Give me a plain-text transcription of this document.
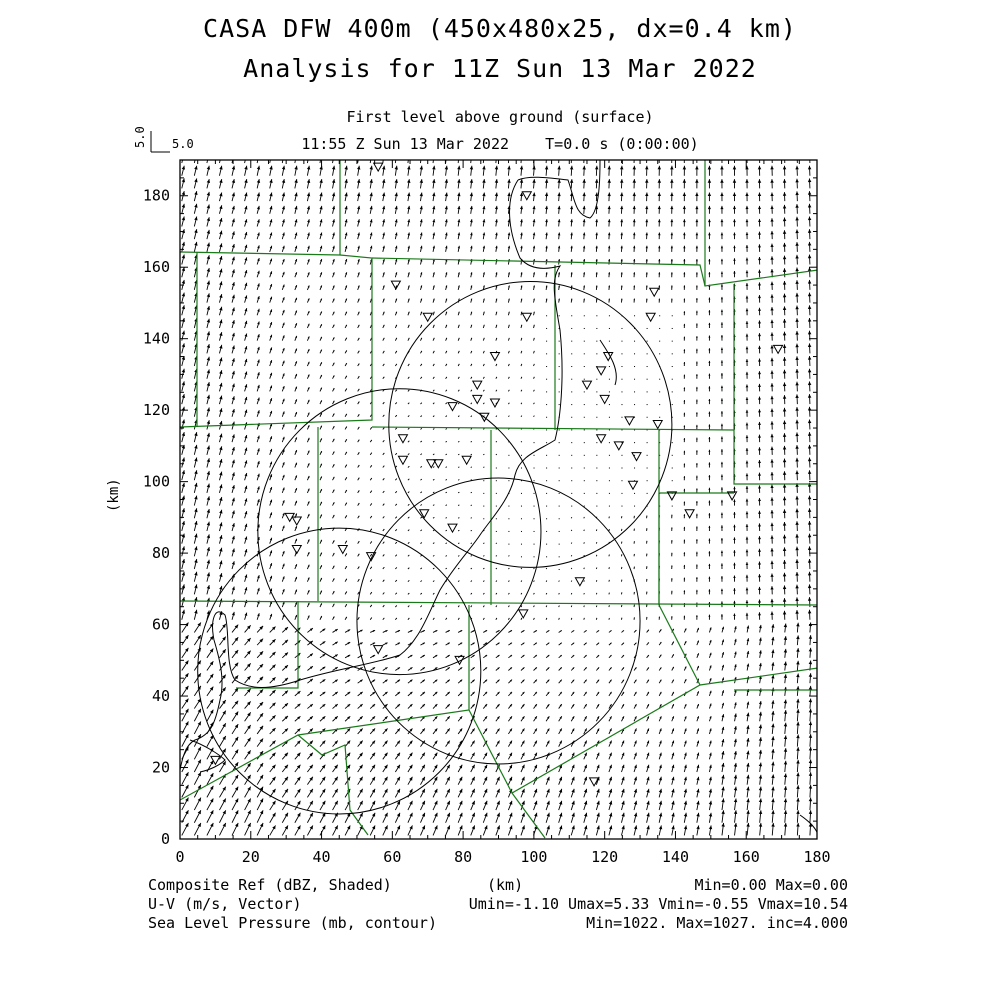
CASA DFW 400m (450x480x25, dx=0.4 km)
Analysis for 11Z Sun 13 Mar 2022
First level above ground (surface)
11:55 Z Sun 13 Mar 2022    T=0.0 s (0:00:00)
5.0 5.0
0	20	40	60	80	100	120	140	160	180
0
20
40
60
80
100
120
140
160
180
(km)
Composite Ref (dBZ, Shaded)
U-V (m/s, Vector)
Sea Level Pressure (mb, contour)
(km)	Min=0.00 Max=0.00
Umin=-1.10 Umax=5.33 Vmin=-0.55 Vmax=10.54
Min=1022. Max=1027. inc=4.000
